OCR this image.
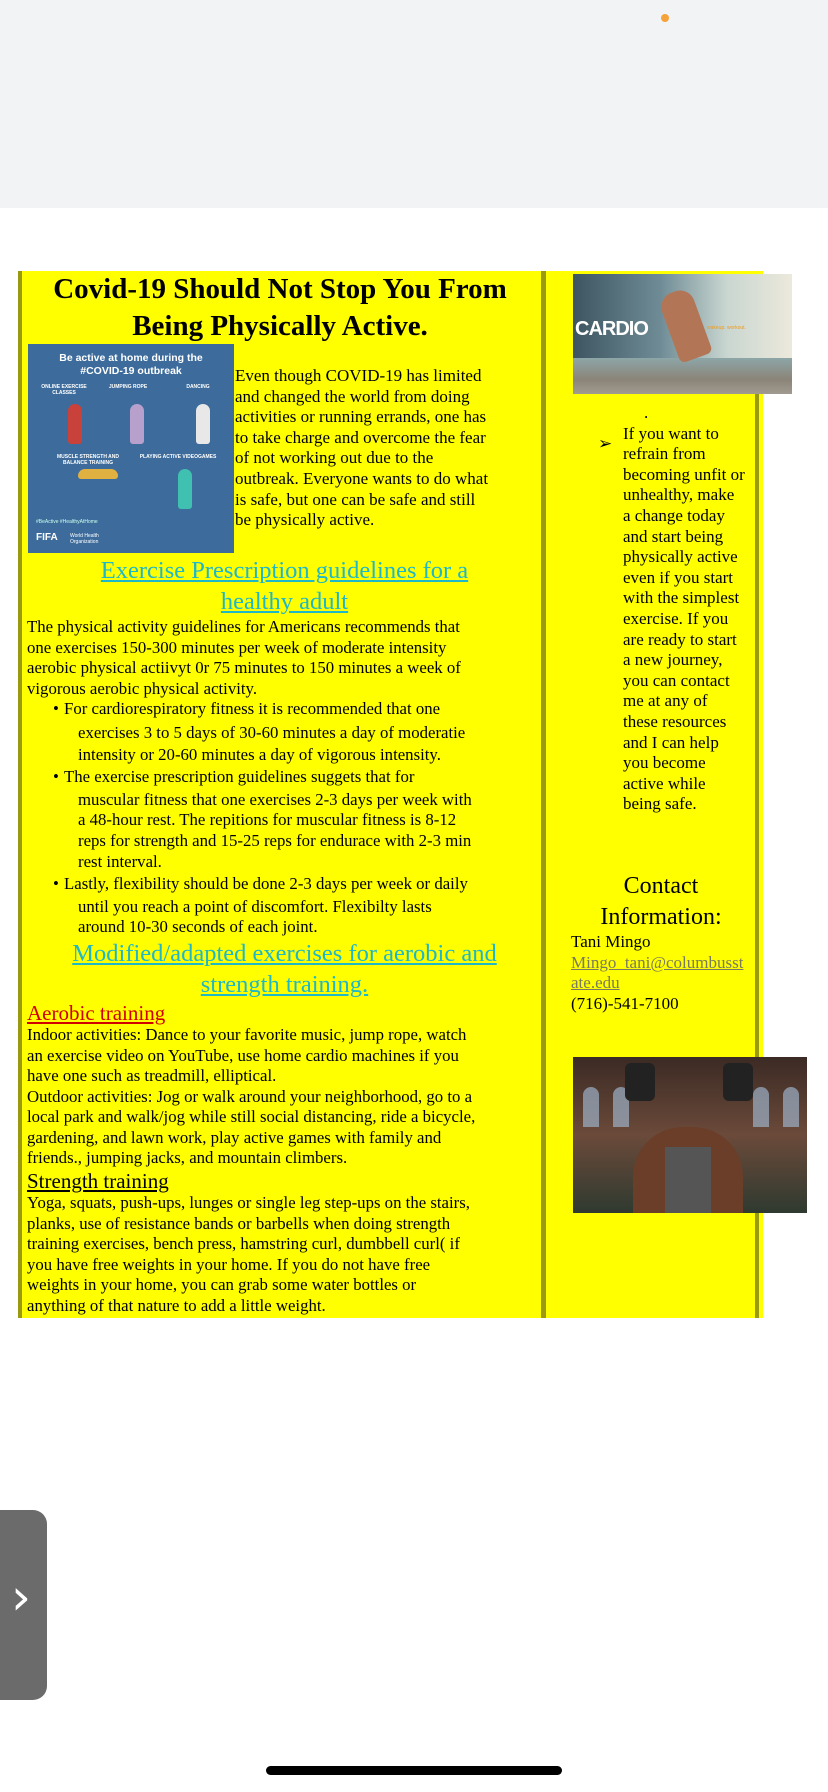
Covid-19 Should Not Stop You From
Being Physically Active.
Be active at home during the
#COVID-19 outbreak
ONLINE EXERCISE
CLASSES
JUMPING ROPE	DANCING
MUSCLE STRENGTH AND
BALANCE TRAINING
PLAYING ACTIVE VIDEOGAMES
#BeActive #HealthyAtHome
FIFA World Health
Organization
Even though COVID-19 has limited
and changed the world from doing
activities or running errands, one has
to take charge and overcome the fear
of not working out due to the
outbreak. Everyone wants to do what
is safe, but one can be safe and still
be physically active.
Exercise Prescription guidelines for a
healthy adult
The physical activity guidelines for Americans recommends that
one exercises 150-300 minutes per week of moderate intensity
aerobic physical actiivyt 0r 75 minutes to 150 minutes a week of
vigorous aerobic physical activity.
• For cardiorespiratory fitness it is recommended that one
exercises 3 to 5 days of 30-60 minutes a day of moderatie
intensity or 20-60 minutes a day of vigorous intensity.
• The exercise prescription guidelines suggets that for
muscular fitness that one exercises 2-3 days per week with
a 48-hour rest. The repitions for muscular fitness is 8-12
reps for strength and 15-25 reps for endurace with 2-3 min
rest interval.
• Lastly, flexibility should be done 2-3 days per week or daily
until you reach a point of discomfort. Flexibilty lasts
around 10-30 seconds of each joint.
Modified/adapted exercises for aerobic and
strength training.
Aerobic training
Indoor activities: Dance to your favorite music, jump rope, watch
an exercise video on YouTube, use home cardio machines if you
have one such as treadmill, elliptical.
Outdoor activities: Jog or walk around your neighborhood, go to a
local park and walk/jog while still social distancing, ride a bicycle,
gardening, and lawn work, play active games with family and
friends., jumping jacks, and mountain climbers.
Strength training
Yoga, squats, push-ups, lunges or single leg step-ups on the stairs,
planks, use of resistance bands or barbells when doing strength
training exercises, bench press, hamstring curl, dumbbell curl( if
you have free weights in your home. If you do not have free
weights in your home, you can grab some water bottles or
anything of that nature to add a little weight.
CARDIO	wakeup. workout.
.
➢
If you want to
refrain from
becoming unfit or
unhealthy, make
a change today
and start being
physically active
even if you start
with the simplest
exercise. If you
are ready to start
a new journey,
you can contact
me at any of
these resources
and I can help
you become
active while
being safe.
Contact
Information:
Tani Mingo
Mingo_tani@columbusst
ate.edu
(716)-541-7100
›
